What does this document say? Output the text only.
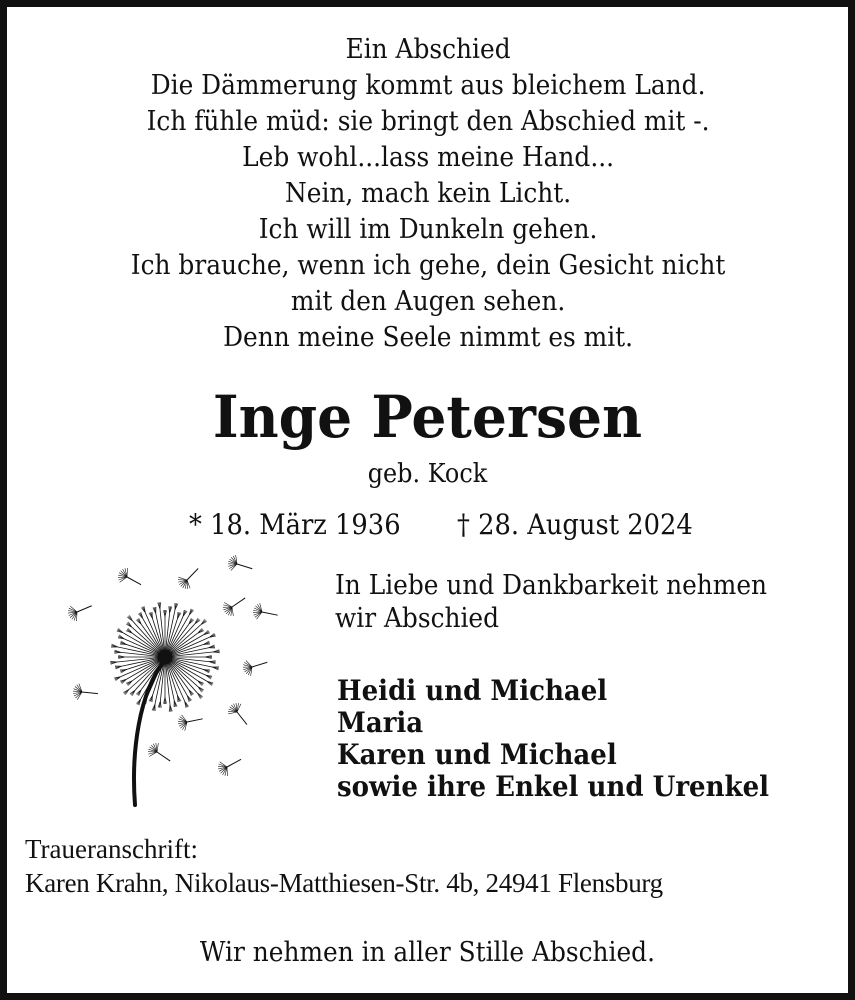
Ein Abschied
Die Dämmerung kommt aus bleichem Land.
Ich fühle müd: sie bringt den Abschied mit -.
Leb wohl...lass meine Hand...
Nein, mach kein Licht.
Ich will im Dunkeln gehen.
Ich brauche, wenn ich gehe, dein Gesicht nicht
mit den Augen sehen.
Denn meine Seele nimmt es mit.
Inge Petersen
geb. Kock
* 18. März 1936 † 28. August 2024
In Liebe und Dankbarkeit nehmen
wir Abschied
Heidi und Michael
Maria
Karen und Michael
sowie ihre Enkel und Urenkel
Traueranschrift:
Karen Krahn, Nikolaus-Matthiesen-Str. 4b, 24941 Flensburg
Wir nehmen in aller Stille Abschied.
